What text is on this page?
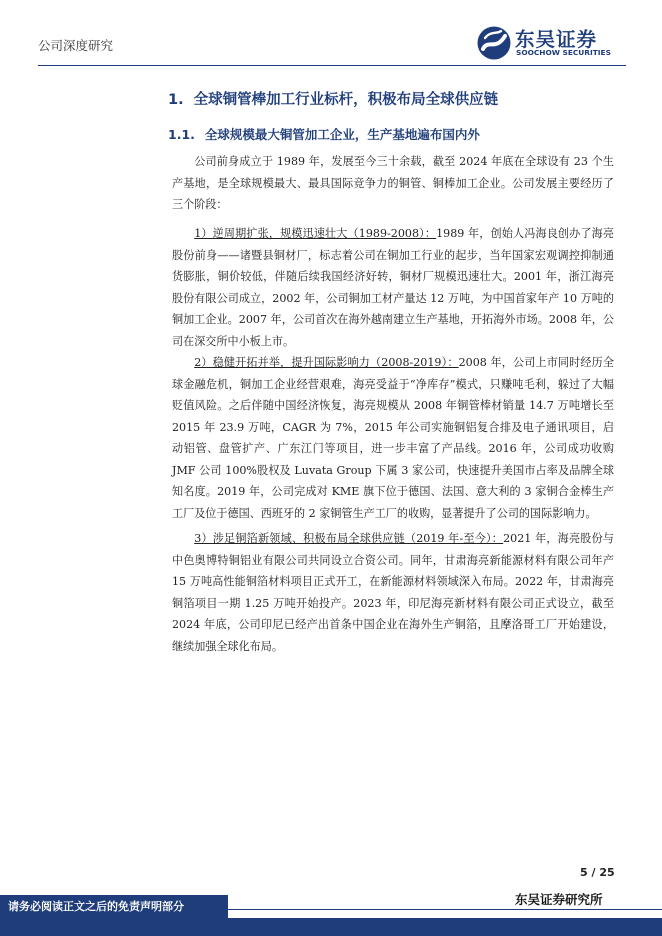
公司深度研究	东吴证券
SOOCHOW SECURITIES
1. 全球铜管棒加工行业标杆，积极布局全球供应链
1.1. 全球规模最大铜管加工企业，生产基地遍布国内外

公司前身成立于 1989 年，发展至今三十余载，截至 2024 年底在全球设有 23 个生产基地，是全球规模最大、最具国际竞争力的铜管、铜棒加工企业。公司发展主要经历了三个阶段：

1）逆周期扩张，规模迅速壮大（1989-2008）：1989 年，创始人冯海良创办了海亮股份前身——诸暨县铜材厂，标志着公司在铜加工行业的起步，当年国家宏观调控抑制通货膨胀，铜价较低，伴随后续我国经济好转，铜材厂规模迅速壮大。2001 年，浙江海亮股份有限公司成立，2002 年，公司铜加工材产量达 12 万吨，为中国首家年产 10 万吨的铜加工企业。2007 年，公司首次在海外越南建立生产基地，开拓海外市场。2008 年，公司在深交所中小板上市。

2）稳健开拓并举，提升国际影响力（2008-2019）：2008 年，公司上市同时经历全球金融危机，铜加工企业经营艰难，海亮受益于“净库存”模式，只赚吨毛利，躲过了大幅贬值风险。之后伴随中国经济恢复，海亮规模从 2008 年铜管棒材销量 14.7 万吨增长至 2015 年 23.9 万吨，CAGR 为 7%，2015 年公司实施铜铝复合排及电子通讯项目，启动铝管、盘管扩产、广东江门等项目，进一步丰富了产品线。2016 年，公司成功收购 JMF 公司 100%股权及 Luvata Group 下属 3 家公司，快速提升美国市占率及品牌全球知名度。2019 年，公司完成对 KME 旗下位于德国、法国、意大利的 3 家铜合金棒生产工厂及位于德国、西班牙的 2 家铜管生产工厂的收购，显著提升了公司的国际影响力。

3）涉足铜箔新领域、积极布局全球供应链（2019 年-至今）：2021 年，海亮股份与中色奥博特铜铝业有限公司共同设立合资公司。同年，甘肃海亮新能源材料有限公司年产 15 万吨高性能铜箔材料项目正式开工，在新能源材料领域深入布局。2022 年，甘肃海亮铜箔项目一期 1.25 万吨开始投产。2023 年，印尼海亮新材料有限公司正式设立，截至 2024 年底，公司印尼已经产出首条中国企业在海外生产铜箔，且摩洛哥工厂开始建设，继续加强全球化布局。

5 / 25
东吴证券研究所
请务必阅读正文之后的免责声明部分
